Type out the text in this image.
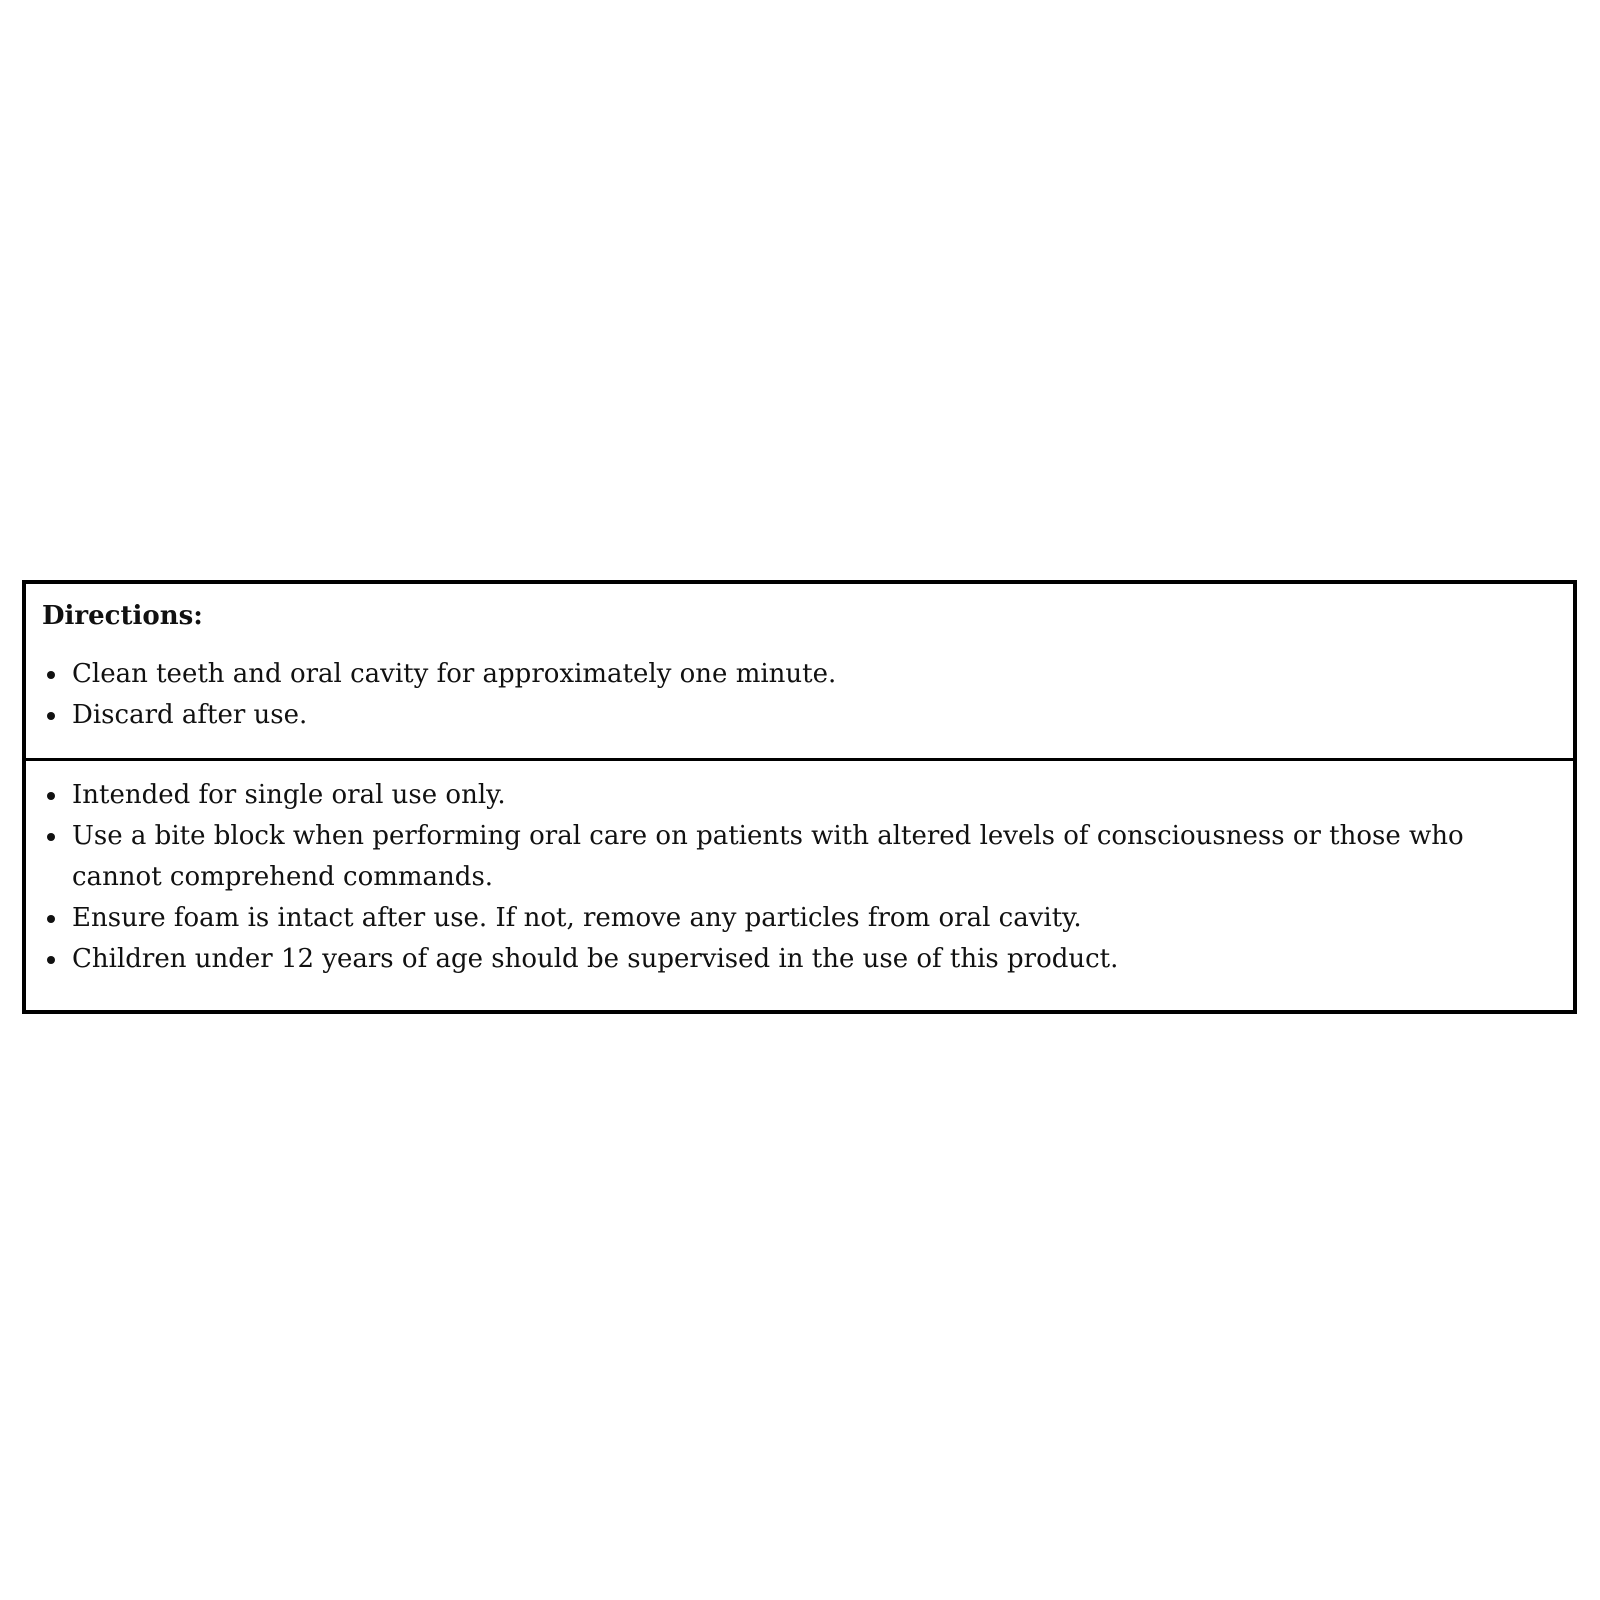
Directions:
Clean teeth and oral cavity for approximately one minute.
Discard after use.
Intended for single oral use only.
Use a bite block when performing oral care on patients with altered levels of consciousness or those who cannot comprehend commands.
Ensure foam is intact after use. If not, remove any particles from oral cavity.
Children under 12 years of age should be supervised in the use of this product.
